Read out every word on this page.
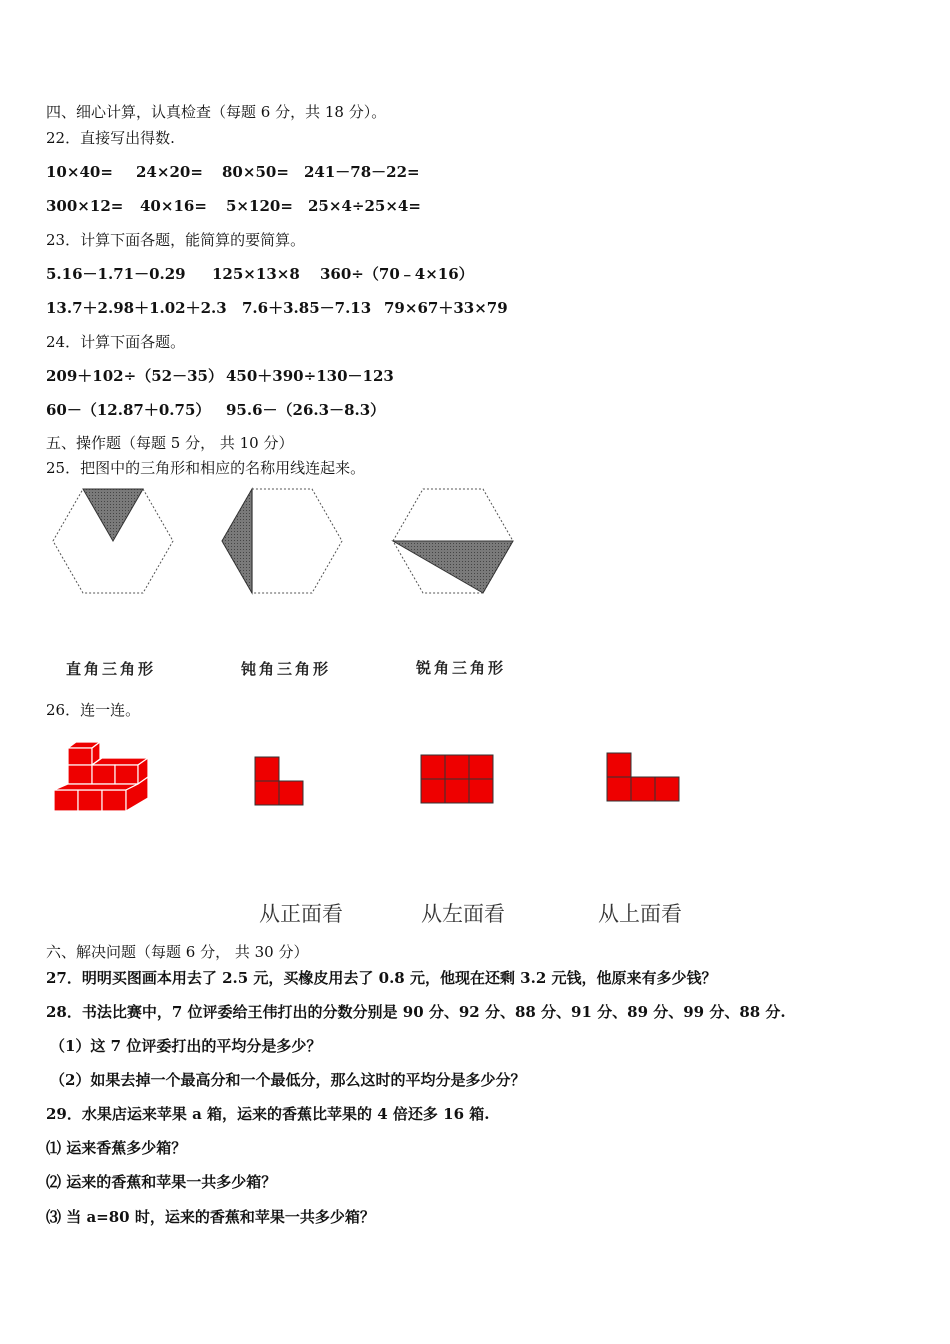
四、细心计算，认真检查（每题 6 分，共 18 分）。
22．直接写出得数.
10×40= 24×20= 80×50= 241－78－22=
300×12= 40×16= 5×120= 25×4÷25×4=
23．计算下面各题，能简算的要简算。
5.16－1.71－0.29 125×13×8 360÷（70﹣4×16）
13.7＋2.98＋1.02＋2.3 7.6＋3.85－7.13 79×67＋33×79
24．计算下面各题。
209＋102÷（52－35） 450＋390÷130－123
60－（12.87＋0.75） 95.6－（26.3－8.3）
五、操作题（每题 5 分， 共 10 分）
25．把图中的三角形和相应的名称用线连起来。
直角三角形	钝角三角形	锐角三角形
26．连一连。
从正面看	从左面看	从上面看
六、解决问题（每题 6 分， 共 30 分）
27．明明买图画本用去了 2.5 元，买橡皮用去了 0.8 元，他现在还剩 3.2 元钱，他原来有多少钱？
28．书法比赛中，7 位评委给王伟打出的分数分别是 90 分、92 分、88 分、91 分、89 分、99 分、88 分.
（1）这 7 位评委打出的平均分是多少？
（2）如果去掉一个最高分和一个最低分，那么这时的平均分是多少分？
29．水果店运来苹果 a 箱，运来的香蕉比苹果的 4 倍还多 16 箱.
⑴ 运来香蕉多少箱？
⑵ 运来的香蕉和苹果一共多少箱？
⑶ 当 a=80 时，运来的香蕉和苹果一共多少箱？
